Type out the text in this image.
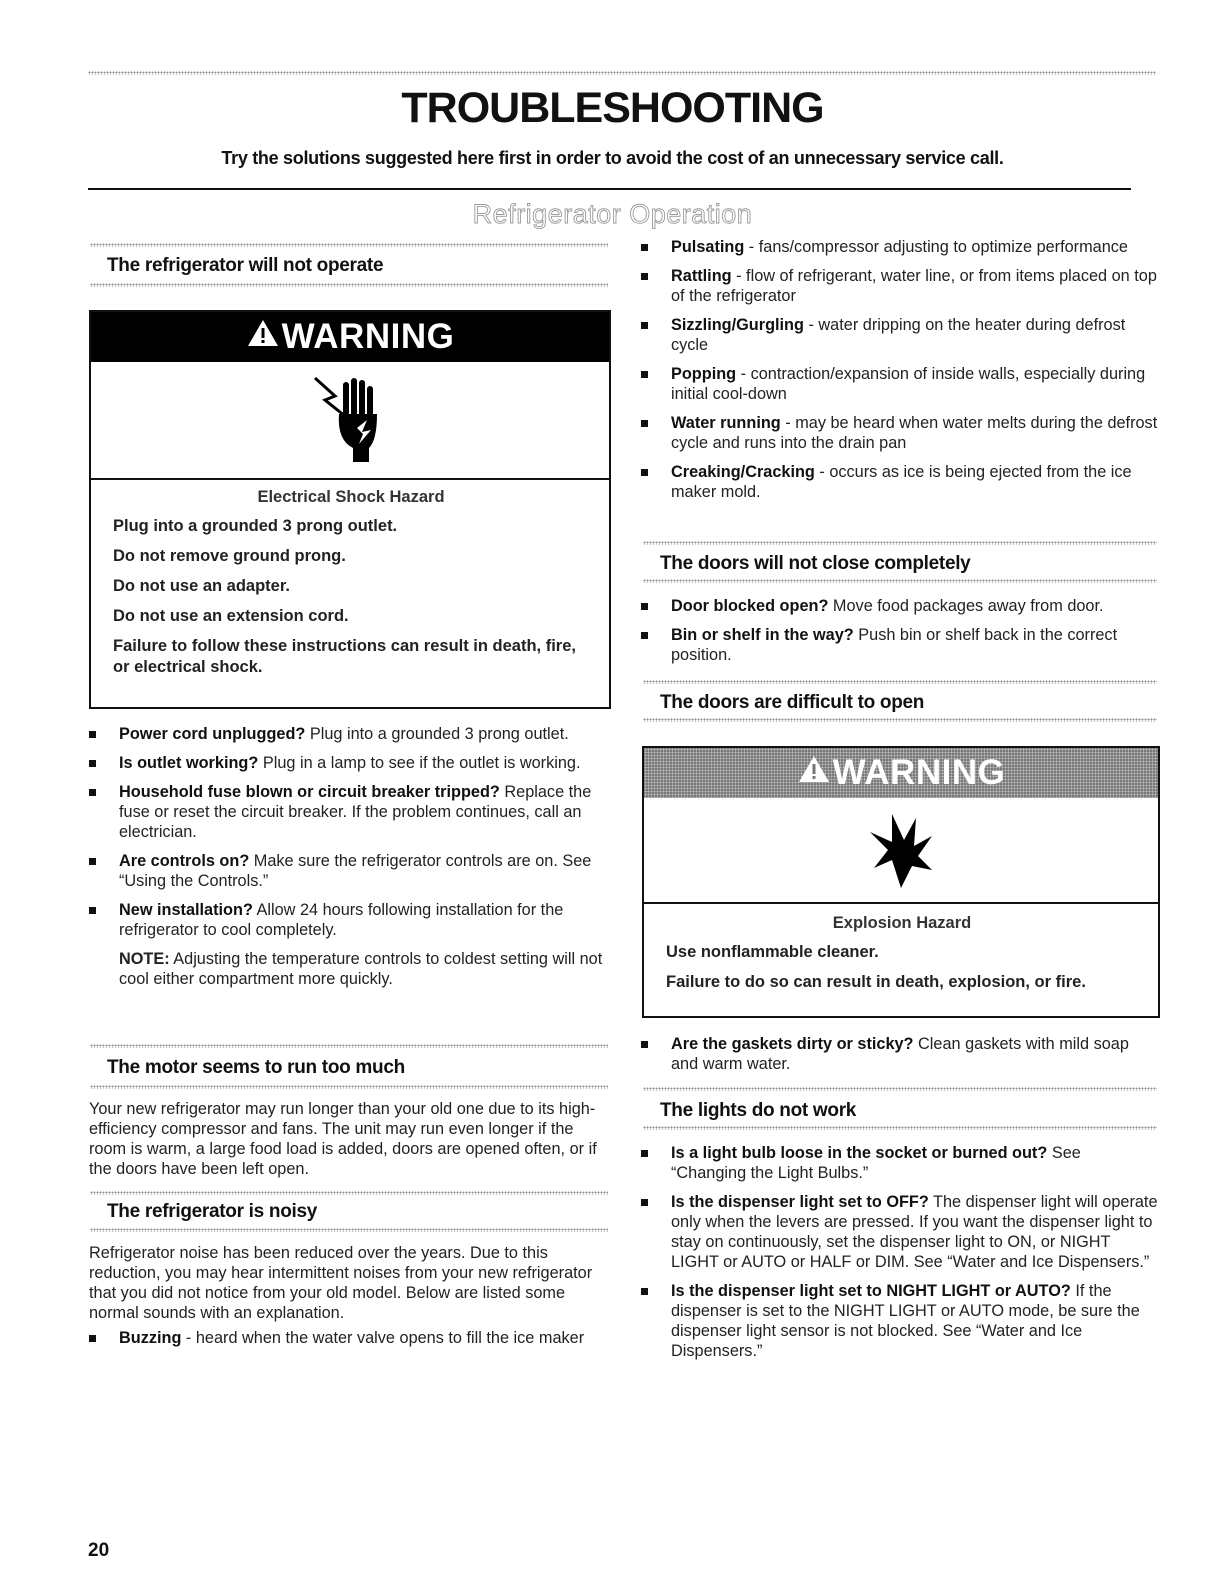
TROUBLESHOOTING
Try the solutions suggested here first in order to avoid the cost of an unnecessary service call.
Refrigerator Operation
The refrigerator will not operate
WARNING
Electrical Shock Hazard
Plug into a grounded 3 prong outlet.
Do not remove ground prong.
Do not use an adapter.
Do not use an extension cord.
Failure to follow these instructions can result in death, fire, or electrical shock.
Power cord unplugged? Plug into a grounded 3 prong outlet.
Is outlet working? Plug in a lamp to see if the outlet is working.
Household fuse blown or circuit breaker tripped? Replace the fuse or reset the circuit breaker. If the problem continues, call an electrician.
Are controls on? Make sure the refrigerator controls are on. See “Using the Controls.”
New installation? Allow 24 hours following installation for the refrigerator to cool completely.

NOTE: Adjusting the temperature controls to coldest setting will not cool either compartment more quickly.

The motor seems to run too much

Your new refrigerator may run longer than your old one due to its high-efficiency compressor and fans. The unit may run even longer if the room is warm, a large food load is added, doors are opened often, or if the doors have been left open.

The refrigerator is noisy

Refrigerator noise has been reduced over the years. Due to this reduction, you may hear intermittent noises from your new refrigerator that you did not notice from your old model. Below are listed some normal sounds with an explanation.

Buzzing - heard when the water valve opens to fill the ice maker
Pulsating - fans/compressor adjusting to optimize performance
Rattling - flow of refrigerant, water line, or from items placed on top of the refrigerator
Sizzling/Gurgling - water dripping on the heater during defrost cycle
Popping - contraction/expansion of inside walls, especially during initial cool-down
Water running - may be heard when water melts during the defrost cycle and runs into the drain pan
Creaking/Cracking - occurs as ice is being ejected from the ice maker mold.
The doors will not close completely
Door blocked open? Move food packages away from door.
Bin or shelf in the way? Push bin or shelf back in the correct position.
The doors are difficult to open
WARNING
Explosion Hazard
Use nonflammable cleaner.
Failure to do so can result in death, explosion, or fire.
Are the gaskets dirty or sticky? Clean gaskets with mild soap and warm water.
The lights do not work
Is a light bulb loose in the socket or burned out? See “Changing the Light Bulbs.”
Is the dispenser light set to OFF? The dispenser light will operate only when the levers are pressed. If you want the dispenser light to stay on continuously, set the dispenser light to ON, or NIGHT LIGHT or AUTO or HALF or DIM. See “Water and Ice Dispensers.”
Is the dispenser light set to NIGHT LIGHT or AUTO? If the dispenser is set to the NIGHT LIGHT or AUTO mode, be sure the dispenser light sensor is not blocked. See “Water and Ice Dispensers.”
20
